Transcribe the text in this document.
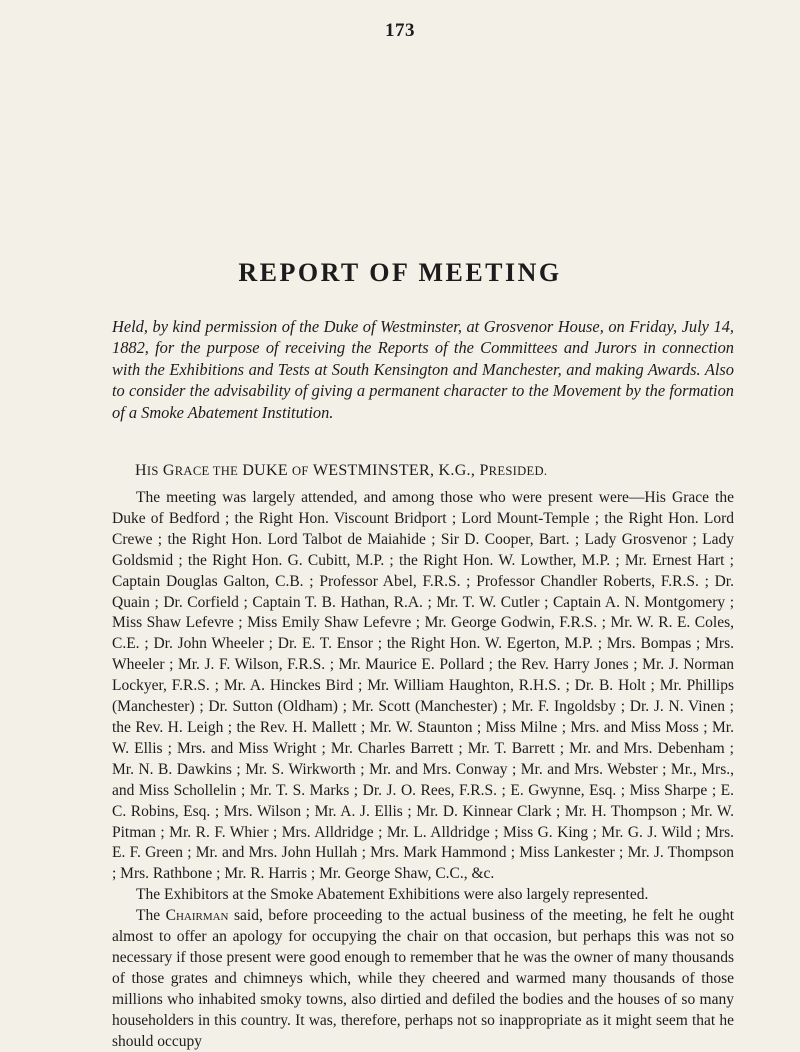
173
REPORT OF MEETING

Held, by kind permission of the Duke of Westminster, at Grosvenor House, on Friday, July 14, 1882, for the purpose of receiving the Reports of the Committees and Jurors in connection with the Exhibitions and Tests at South Kensington and Manchester, and making Awards. Also to consider the advisability of giving a permanent character to the Movement by the formation of a Smoke Abatement Institution.

HIS GRACE THE DUKE OF WESTMINSTER, K.G., PRESIDED.

The meeting was largely attended, and among those who were present were—His Grace the Duke of Bedford ; the Right Hon. Viscount Bridport ; Lord Mount-Temple ; the Right Hon. Lord Crewe ; the Right Hon. Lord Talbot de Maiahide ; Sir D. Cooper, Bart. ; Lady Grosvenor ; Lady Goldsmid ; the Right Hon. G. Cubitt, M.P. ; the Right Hon. W. Lowther, M.P. ; Mr. Ernest Hart ; Captain Douglas Galton, C.B. ; Professor Abel, F.R.S. ; Professor Chandler Roberts, F.R.S. ; Dr. Quain ; Dr. Corfield ; Captain T. B. Hathan, R.A. ; Mr. T. W. Cutler ; Captain A. N. Montgomery ; Miss Shaw Lefevre ; Miss Emily Shaw Lefevre ; Mr. George Godwin, F.R.S. ; Mr. W. R. E. Coles, C.E. ; Dr. John Wheeler ; Dr. E. T. Ensor ; the Right Hon. W. Egerton, M.P. ; Mrs. Bompas ; Mrs. Wheeler ; Mr. J. F. Wilson, F.R.S. ; Mr. Maurice E. Pollard ; the Rev. Harry Jones ; Mr. J. Norman Lockyer, F.R.S. ; Mr. A. Hinckes Bird ; Mr. William Haughton, R.H.S. ; Dr. B. Holt ; Mr. Phillips (Manchester) ; Dr. Sutton (Oldham) ; Mr. Scott (Manchester) ; Mr. F. Ingoldsby ; Dr. J. N. Vinen ; the Rev. H. Leigh ; the Rev. H. Mallett ; Mr. W. Staunton ; Miss Milne ; Mrs. and Miss Moss ; Mr. W. Ellis ; Mrs. and Miss Wright ; Mr. Charles Barrett ; Mr. T. Barrett ; Mr. and Mrs. Debenham ; Mr. N. B. Dawkins ; Mr. S. Wirkworth ; Mr. and Mrs. Conway ; Mr. and Mrs. Webster ; Mr., Mrs., and Miss Schollelin ; Mr. T. S. Marks ; Dr. J. O. Rees, F.R.S. ; E. Gwynne, Esq. ; Miss Sharpe ; E. C. Robins, Esq. ; Mrs. Wilson ; Mr. A. J. Ellis ; Mr. D. Kinnear Clark ; Mr. H. Thompson ; Mr. W. Pitman ; Mr. R. F. Whier ; Mrs. Alldridge ; Mr. L. Alldridge ; Miss G. King ; Mr. G. J. Wild ; Mrs. E. F. Green ; Mr. and Mrs. John Hullah ; Mrs. Mark Hammond ; Miss Lankester ; Mr. J. Thompson ; Mrs. Rathbone ; Mr. R. Harris ; Mr. George Shaw, C.C., &c.

The Exhibitors at the Smoke Abatement Exhibitions were also largely represented.

The Chairman said, before proceeding to the actual business of the meeting, he felt he ought almost to offer an apology for occupying the chair on that occasion, but perhaps this was not so necessary if those present were good enough to remember that he was the owner of many thousands of those grates and chimneys which, while they cheered and warmed many thousands of those millions who inhabited smoky towns, also dirtied and defiled the bodies and the houses of so many householders in this country. It was, therefore, perhaps not so inappropriate as it might seem that he should occupy
